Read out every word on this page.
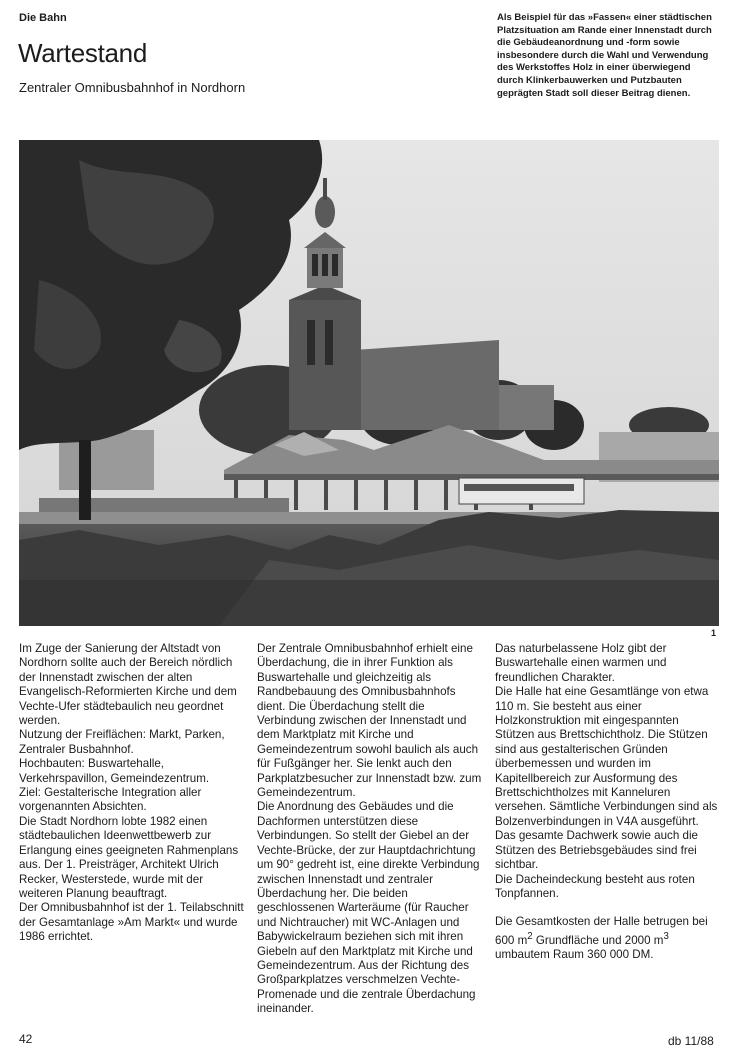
Die Bahn
Wartestand
Zentraler Omnibusbahnhof in Nordhorn
Als Beispiel für das »Fassen« einer städtischen Platzsituation am Rande einer Innenstadt durch die Gebäudeanordnung und -form sowie insbesondere durch die Wahl und Verwendung des Werkstoffes Holz in einer überwiegend durch Klinkerbauwerken und Putzbauten geprägten Stadt soll dieser Beitrag dienen.
1

Im Zuge der Sanierung der Altstadt von Nordhorn sollte auch der Bereich nördlich der Innenstadt zwischen der alten Evangelisch-Reformierten Kirche und dem Vechte-Ufer städtebaulich neu geordnet werden.
Nutzung der Freiflächen: Markt, Parken, Zentraler Busbahnhof.
Hochbauten: Buswartehalle, Verkehrspavillon, Gemeindezentrum.
Ziel: Gestalterische Integration aller vorgenannten Absichten.
Die Stadt Nordhorn lobte 1982 einen städtebaulichen Ideenwettbewerb zur Erlangung eines geeigneten Rahmenplans aus. Der 1. Preisträger, Architekt Ulrich Recker, Westerstede, wurde mit der weiteren Planung beauftragt.
Der Omnibusbahnhof ist der 1. Teilabschnitt der Gesamtanlage »Am Markt« und wurde 1986 errichtet.

Der Zentrale Omnibusbahnhof erhielt eine Überdachung, die in ihrer Funktion als Buswartehalle und gleichzeitig als Randbebauung des Omnibusbahnhofs dient. Die Überdachung stellt die Verbindung zwischen der Innenstadt und dem Marktplatz mit Kirche und Gemeindezentrum sowohl baulich als auch für Fußgänger her. Sie lenkt auch den Parkplatzbesucher zur Innenstadt bzw. zum Gemeindezentrum.
Die Anordnung des Gebäudes und die Dachformen unterstützen diese Verbindungen. So stellt der Giebel an der Vechte-Brücke, der zur Hauptdachrichtung um 90° gedreht ist, eine direkte Verbindung zwischen Innenstadt und zentraler Überdachung her. Die beiden geschlossenen Warteräume (für Raucher und Nichtraucher) mit WC-Anlagen und Babywickelraum beziehen sich mit ihren Giebeln auf den Marktplatz mit Kirche und Gemeindezentrum. Aus der Richtung des Großparkplatzes verschmelzen Vechte-Promenade und die zentrale Überdachung ineinander.

Das naturbelassene Holz gibt der Buswartehalle einen warmen und freundlichen Charakter.
Die Halle hat eine Gesamtlänge von etwa 110 m. Sie besteht aus einer Holzkonstruktion mit eingespannten Stützen aus Brettschichtholz. Die Stützen sind aus gestalterischen Gründen überbemessen und wurden im Kapitellbereich zur Ausformung des Brettschichtholzes mit Kanneluren versehen. Sämtliche Verbindungen sind als Bolzenverbindungen in V4A ausgeführt. Das gesamte Dachwerk sowie auch die Stützen des Betriebsgebäudes sind frei sichtbar.
Die Dacheindeckung besteht aus roten Tonpfannen.

Die Gesamtkosten der Halle betrugen bei 600 $m^2$ Grundfläche und 2000 $m^3$ umbautem Raum 360 000 DM.

42	db 11/88
